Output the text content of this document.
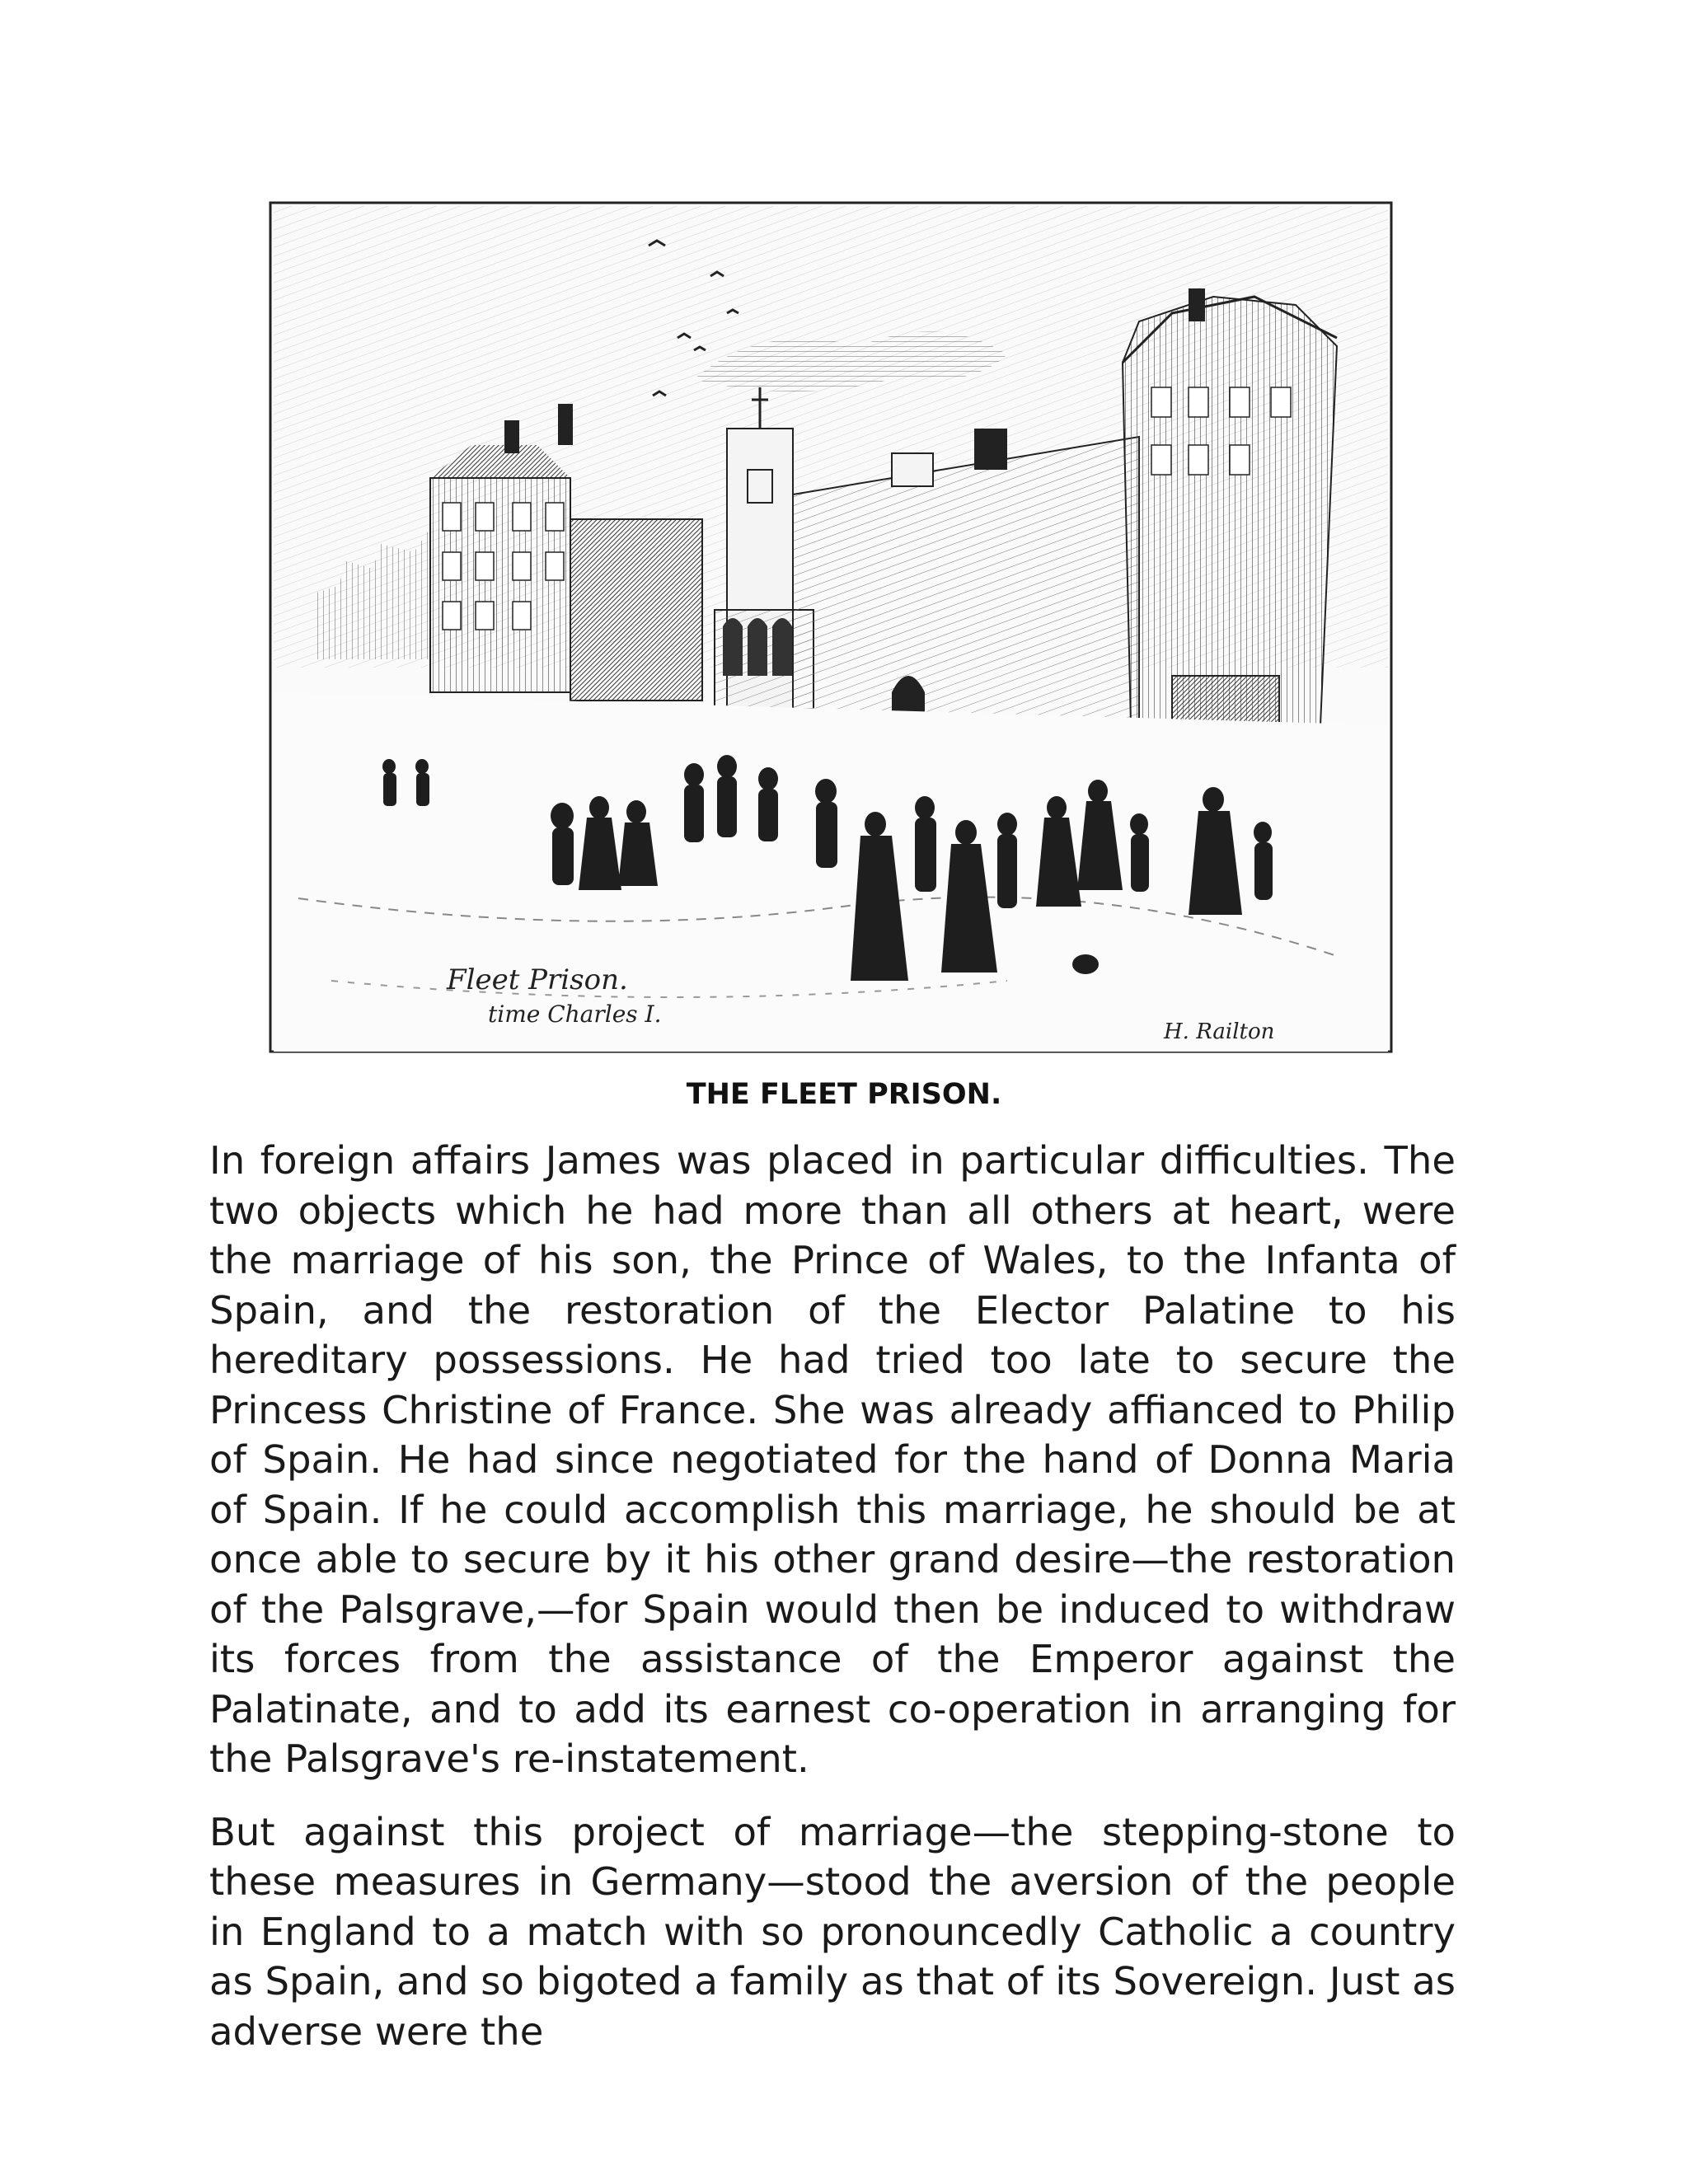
Fleet Prison.
time Charles I.
H. Railton
THE FLEET PRISON.

In foreign affairs James was placed in particular difficulties. The two objects which he had more than all others at heart, were the marriage of his son, the Prince of Wales, to the Infanta of Spain, and the restoration of the Elector Palatine to his hereditary possessions. He had tried too late to secure the Princess Christine of France. She was already affianced to Philip of Spain. He had since negotiated for the hand of Donna Maria of Spain. If he could accomplish this marriage, he should be at once able to secure by it his other grand desire—the restoration of the Palsgrave,—for Spain would then be induced to withdraw its forces from the assistance of the Emperor against the Palatinate, and to add its earnest co-operation in arranging for the Palsgrave's re-instatement.

But against this project of marriage—the stepping-stone to these measures in Germany—stood the aversion of the people in England to a match with so pronouncedly Catholic a country as Spain, and so bigoted a family as that of its Sovereign. Just as adverse were the
